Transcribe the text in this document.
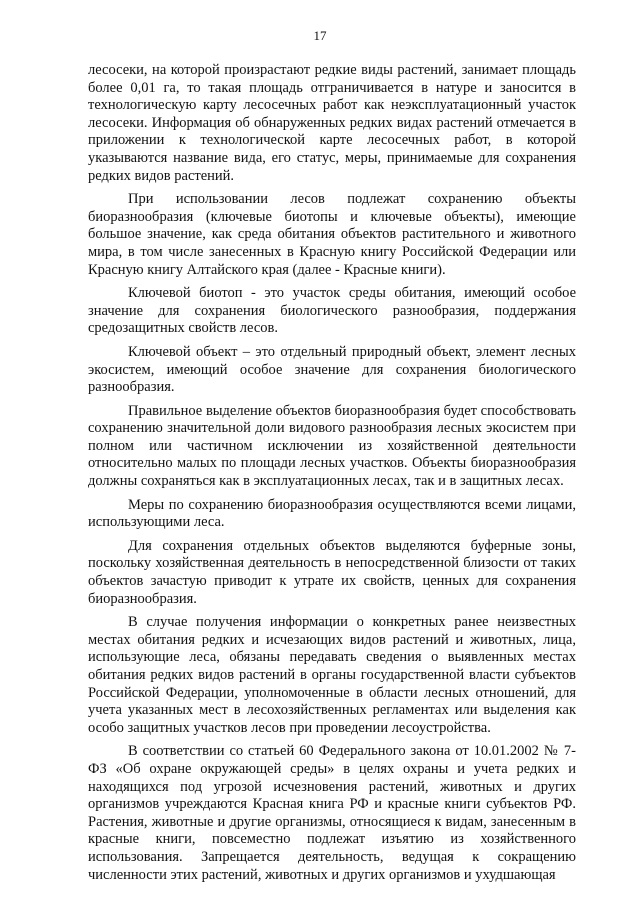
17

лесосеки, на которой произрастают редкие виды растений, занимает площадь более 0,01 га, то такая площадь отграничивается в натуре и заносится в технологическую карту лесосечных работ как неэксплуатационный участок лесосеки. Информация об обнаруженных редких видах растений отмечается в приложении к технологической карте лесосечных работ, в которой указываются название вида, его статус, меры, принимаемые для сохранения редких видов растений.

При использовании лесов подлежат сохранению объекты биоразнообразия (ключевые биотопы и ключевые объекты), имеющие большое значение, как среда обитания объектов растительного и животного мира, в том числе занесенных в Красную книгу Российской Федерации или Красную книгу Алтайского края (далее - Красные книги).

Ключевой биотоп - это участок среды обитания, имеющий особое значение для сохранения биологического разнообразия, поддержания средозащитных свойств лесов.

Ключевой объект – это отдельный природный объект, элемент лесных экосистем, имеющий особое значение для сохранения биологического разнообразия.

Правильное выделение объектов биоразнообразия будет способствовать сохранению значительной доли видового разнообразия лесных экосистем при полном или частичном исключении из хозяйственной деятельности относительно малых по площади лесных участков. Объекты биоразнообразия должны сохраняться как в эксплуатационных лесах, так и в защитных лесах.

Меры по сохранению биоразнообразия осуществляются всеми лицами, использующими леса.

Для сохранения отдельных объектов выделяются буферные зоны, поскольку хозяйственная деятельность в непосредственной близости от таких объектов зачастую приводит к утрате их свойств, ценных для сохранения биоразнообразия.

В случае получения информации о конкретных ранее неизвестных местах обитания редких и исчезающих видов растений и животных, лица, использующие леса, обязаны передавать сведения о выявленных местах обитания редких видов растений в органы государственной власти субъектов Российской Федерации, уполномоченные в области лесных отношений, для учета указанных мест в лесохозяйственных регламентах или выделения как особо защитных участков лесов при проведении лесоустройства.

В соответствии со статьей 60 Федерального закона от 10.01.2002 № 7-ФЗ «Об охране окружающей среды» в целях охраны и учета редких и находящихся под угрозой исчезновения растений, животных и других организмов учреждаются Красная книга РФ и красные книги субъектов РФ. Растения, животные и другие организмы, относящиеся к видам, занесенным в красные книги, повсеместно подлежат изъятию из хозяйственного использования. Запрещается деятельность, ведущая к сокращению численности этих растений, животных и других организмов и ухудшающая
